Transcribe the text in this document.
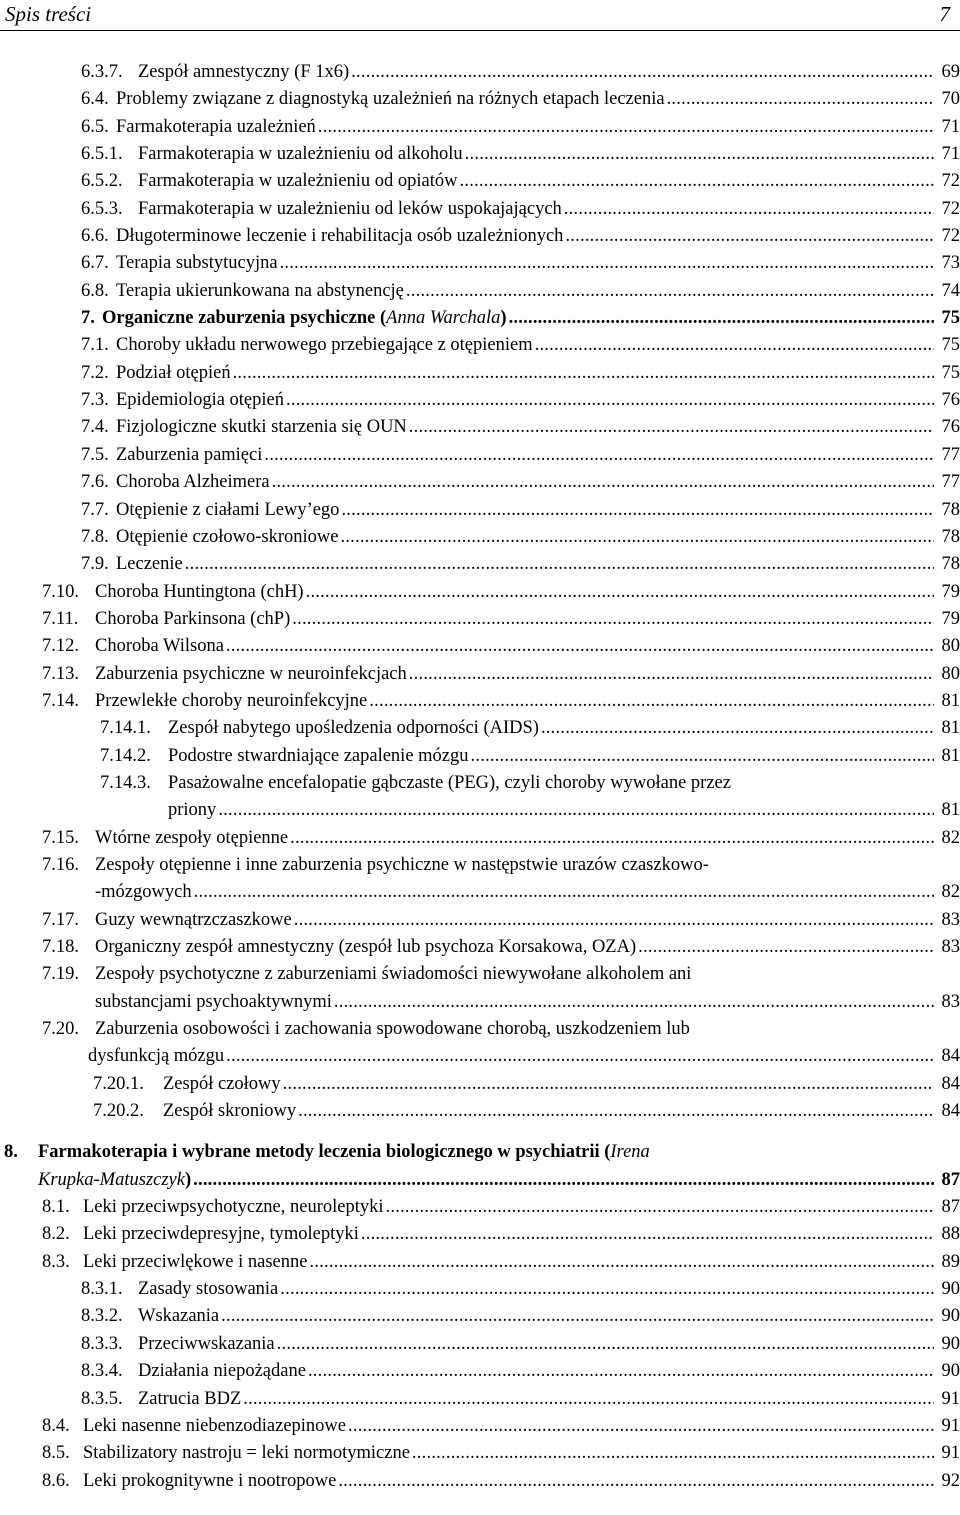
Spis treści	7
6.3.7. Zespół amnestyczny (F 1x6) . . .	69
6.4. Problemy związane z diagnostyką uzależnień na różnych etapach leczenia . . .	70
6.5. Farmakoterapia uzależnień . . .	71
6.5.1. Farmakoterapia w uzależnieniu od alkoholu . . .	71
6.5.2. Farmakoterapia w uzależnieniu od opiatów . . .	72
6.5.3. Farmakoterapia w uzależnieniu od leków uspokajających . . .	72
6.6. Długoterminowe leczenie i rehabilitacja osób uzależnionych . . .	72
6.7. Terapia substytucyjna . . .	73
6.8. Terapia ukierunkowana na abstynencję . . .	74
7. Organiczne zaburzenia psychiczne (Anna Warchala) . . .	75
7.1. Choroby układu nerwowego przebiegające z otępieniem . . .	75
7.2. Podział otępień . . .	75
7.3. Epidemiologia otępień . . .	76
7.4. Fizjologiczne skutki starzenia się OUN . . .	76
7.5. Zaburzenia pamięci . . .	77
7.6. Choroba Alzheimera . . .	77
7.7. Otępienie z ciałami Lewy’ego . . .	78
7.8. Otępienie czołowo-skroniowe . . .	78
7.9. Leczenie . . .	78
7.10. Choroba Huntingtona (chH) . . .	79
7.11. Choroba Parkinsona (chP) . . .	79
7.12. Choroba Wilsona . . .	80
7.13. Zaburzenia psychiczne w neuroinfekcjach . . .	80
7.14. Przewlekłe choroby neuroinfekcyjne . . .	81
7.14.1. Zespół nabytego upośledzenia odporności (AIDS) . . .	81
7.14.2. Podostre stwardniające zapalenie mózgu . . .	81
7.14.3. Pasażowalne encefalopatie gąbczaste (PEG), czyli choroby wywołane przez
priony . . .	81
7.15. Wtórne zespoły otępienne . . .	82
7.16. Zespoły otępienne i inne zaburzenia psychiczne w następstwie urazów czaszkowo-
-mózgowych . . .	82
7.17. Guzy wewnątrzczaszkowe . . .	83
7.18. Organiczny zespół amnestyczny (zespół lub psychoza Korsakowa, OZA) . . .	83
7.19. Zespoły psychotyczne z zaburzeniami świadomości niewywołane alkoholem ani
substancjami psychoaktywnymi . . .	83
7.20. Zaburzenia osobowości i zachowania spowodowane chorobą, uszkodzeniem lub
dysfunkcją mózgu . . .	84
7.20.1.	Zespół czołowy . . .	84
7.20.2.	Zespół skroniowy . . .	84
8.	Farmakoterapia i wybrane metody leczenia biologicznego w psychiatrii (Irena
Krupka-Matuszczyk) . . .	87
8.1. Leki przeciwpsychotyczne, neuroleptyki . . .	87
8.2. Leki przeciwdepresyjne, tymoleptyki . . .	88
8.3. Leki przeciwlękowe i nasenne . . .	89
8.3.1. Zasady stosowania . . .	90
8.3.2. Wskazania . . .	90
8.3.3. Przeciwwskazania . . .	90
8.3.4. Działania niepożądane . . .	90
8.3.5. Zatrucia BDZ . . .	91
8.4. Leki nasenne niebenzodiazepinowe . . .	91
8.5. Stabilizatory nastroju = leki normotymiczne . . .	91
8.6. Leki prokognitywne i nootropowe . . .	92
